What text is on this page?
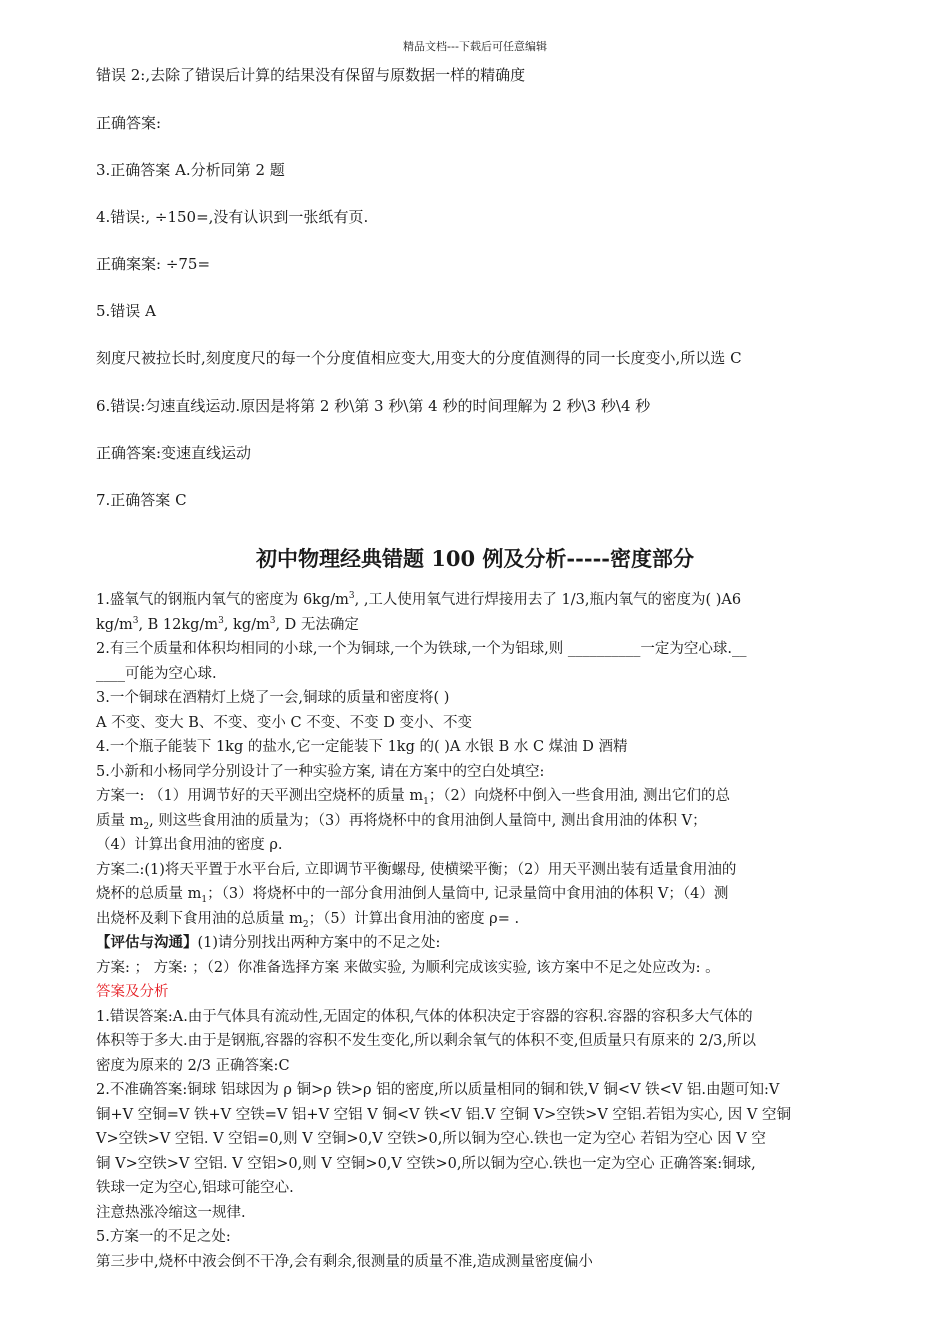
精品文档---下载后可任意编辑
错误 2:,去除了错误后计算的结果没有保留与原数据一样的精确度
正确答案:
3.正确答案 A.分析同第 2 题
4.错误:, ÷150=,没有认识到一张纸有页.
正确案案: ÷75=
5.错误 A
刻度尺被拉长时,刻度度尺的每一个分度值相应变大,用变大的分度值测得的同一长度变小,所以选 C
6.错误:匀速直线运动.原因是将第 2 秒\第 3 秒\第 4 秒的时间理解为 2 秒\3 秒\4 秒
正确答案:变速直线运动
7.正确答案 C
初中物理经典错题 100 例及分析-----密度部分
1.盛氧气的钢瓶内氧气的密度为 $6kg/m^3$, ,工人使用氧气进行焊接用去了 1/3,瓶内氧气的密度为( )A6
$kg/m^3$, B $12kg/m^3$, $kg/m^3$, D 无法确定
2.有三个质量和体积均相同的小球,一个为铜球,一个为铁球,一个为铝球,则 __________一定为空心球.__
____可能为空心球.
3.一个铜球在酒精灯上烧了一会,铜球的质量和密度将( )
A 不变、变大 B、不变、变小 C 不变、不变 D 变小、不变
4.一个瓶子能装下 1kg 的盐水,它一定能装下 1kg 的( )A 水银 B 水 C 煤油 D 酒精
5.小新和小杨同学分别设计了一种实验方案, 请在方案中的空白处填空:
方案一: （1）用调节好的天平测出空烧杯的质量 $m_1$；（2）向烧杯中倒入一些食用油, 测出它们的总
质量 $m_2$, 则这些食用油的质量为；（3）再将烧杯中的食用油倒人量筒中, 测出食用油的体积 V；
（4）计算出食用油的密度 ρ.
方案二:(1)将天平置于水平台后, 立即调节平衡螺母, 使横梁平衡；（2）用天平测出装有适量食用油的
烧杯的总质量 $m_1$；（3）将烧杯中的一部分食用油倒人量筒中, 记录量筒中食用油的体积 V；（4）测
出烧杯及剩下食用油的总质量 $m_2$；（5）计算出食用油的密度 ρ= .
【评估与沟通】(1)请分别找出两种方案中的不足之处:
方案: ； 方案: ；（2）你准备选择方案 来做实验, 为顺利完成该实验, 该方案中不足之处应改为: 。
答案及分析
1.错误答案:A.由于气体具有流动性,无固定的体积,气体的体积决定于容器的容积.容器的容积多大气体的
体积等于多大.由于是钢瓶,容器的容积不发生变化,所以剩余氧气的体积不变,但质量只有原来的 2/3,所以
密度为原来的 2/3 正确答案:C
2.不准确答案:铜球 铝球因为 ρ 铜>ρ 铁>ρ 铝的密度,所以质量相同的铜和铁,V 铜<V 铁<V 铝.由题可知:V
铜+V 空铜=V 铁+V 空铁=V 铝+V 空铝 V 铜<V 铁<V 铝.V 空铜 V>空铁>V 空铝.若铝为实心, 因 V 空铜
V>空铁>V 空铝. V 空铝=0,则 V 空铜>0,V 空铁>0,所以铜为空心.铁也一定为空心 若铝为空心 因 V 空
铜 V>空铁>V 空铝. V 空铝>0,则 V 空铜>0,V 空铁>0,所以铜为空心.铁也一定为空心 正确答案:铜球,
铁球一定为空心,铝球可能空心.
注意热涨冷缩这一规律.
5.方案一的不足之处:
第三步中,烧杯中液会倒不干净,会有剩余,很测量的质量不准,造成测量密度偏小
